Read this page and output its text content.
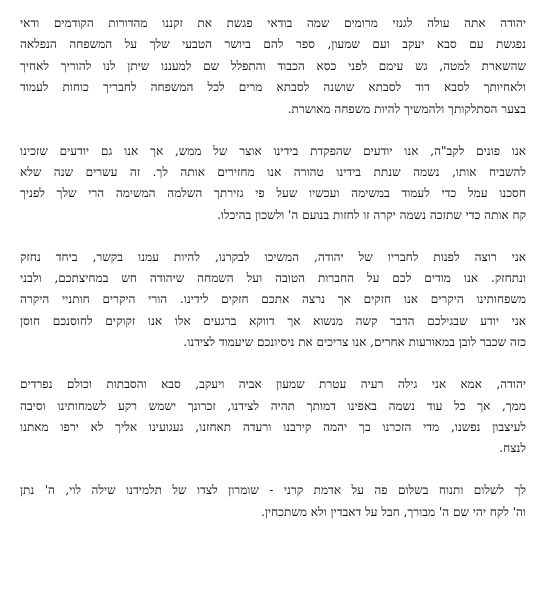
יהודה אתה עולה לגנזי מרומים שמה בודאי פגשת את זקננו מהדורות הקודמים ודאי
נפגשת עם סבא יעקב ועם שמעון, ספר להם ביושר הטבעי שלך על המשפחה הנפלאה
שהשארת למטה, גש עימם לפני כסא הכבוד והתפלל שם למעננו שיתן לנו להוריך לאחיך
ולאחיותך לסבא דוד לסבתא שושנה לסבתא מרים לכל המשפחה לחבריך כוחות לעמוד
בצער הסתלקותך ולהמשיך להיות משפחה מאושרת.
אנו פונים לקב"ה, אנו יודעים שהפקדת בידינו אוצר של ממש, אך אנו גם יודעים שזכינו
להשביח אותו, נשמה שנתת בידינו טהורה אנו מחזירים אותה לך. זה עשרים שנה שלא
חסכנו עמל כדי לעמוד במשימה ועכשיו שעל פי גזירתך השלמה המשימה הרי שלך לפניך
קח אותה כדי שתזכה נשמה יקרה זו לחזות בנועם ה' ולשכון בהיכלו.
אני רוצה לפנות לחבריו של יהודה, המשיכו לבקרנו, להיות עמנו בקשר, ביחד נחזק
ונתחזק. אנו מודים לכם על החברות הטובה ועל השמחה שיהודה חש במחיצתכם, ולבני
משפחותינו היקרים אנו חזקים אך נרצה אתכם חזקים לידינו. הורי היקרים חותניי היקרה
אני יודע שבגילכם הדבר קשה מנשוא אך דווקא ברגעים אלו אנו זקוקים לחוסנכם חוסן
כזה שכבר לובן במאורעות אחרים, אנו צריכים את ניסיונכם שיעמוד לצידנו.
יהודה, אמא אני גילה רעיה עטרת שמעון אביה ויעקב, סבא והסבתות וכולם נפרדים
ממך, אך כל עוד נשמה באפינו דמותך תהיה לצידנו, זכרונך ישמש רקע לשמחותינו וסיבה
לעיצבון נפשנו, מדי הזכרנו בך יהמה קירבנו ורעדה תאחזנו, געגועינו אליך לא ירפו מאתנו
לנצח.
לך לשלום ותנוח בשלום פה על אדמת קרני - שומרון לצדו של תלמידנו שילה לוי, ה' נתן
וה' לקח יהי שם ה' מבורך, חבל על דאבדין ולא משתכחין.
